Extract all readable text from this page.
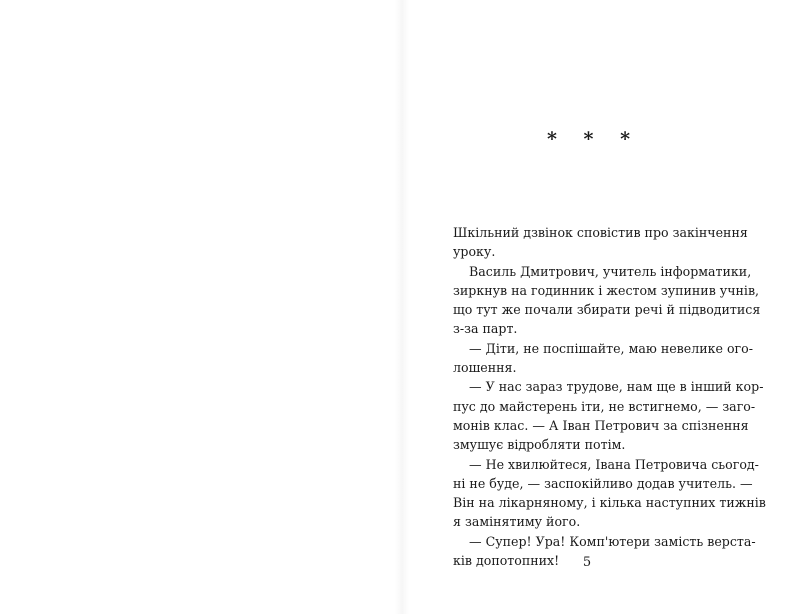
* * *
Шкільний дзвінок сповістив про закінчення
уроку.
Василь Дмитрович, учитель інформатики,
зиркнув на годинник і жестом зупинив учнів,
що тут же почали збирати речі й підводитися
з-за парт.
— Діти, не поспішайте, маю невелике ого-
лошення.
— У нас зараз трудове, нам ще в інший кор-
пус до майстерень іти, не встигнемо, — заго-
монів клас. — А Іван Петрович за спізнення
змушує відробляти потім.
— Не хвилюйтеся, Івана Петровича сьогод-
ні не буде, — заспокійливо додав учитель. —
Він на лікарняному, і кілька наступних тижнів
я замінятиму його.
— Супер! Ура! Комп'ютери замість верста-
ків допотопних!	5
